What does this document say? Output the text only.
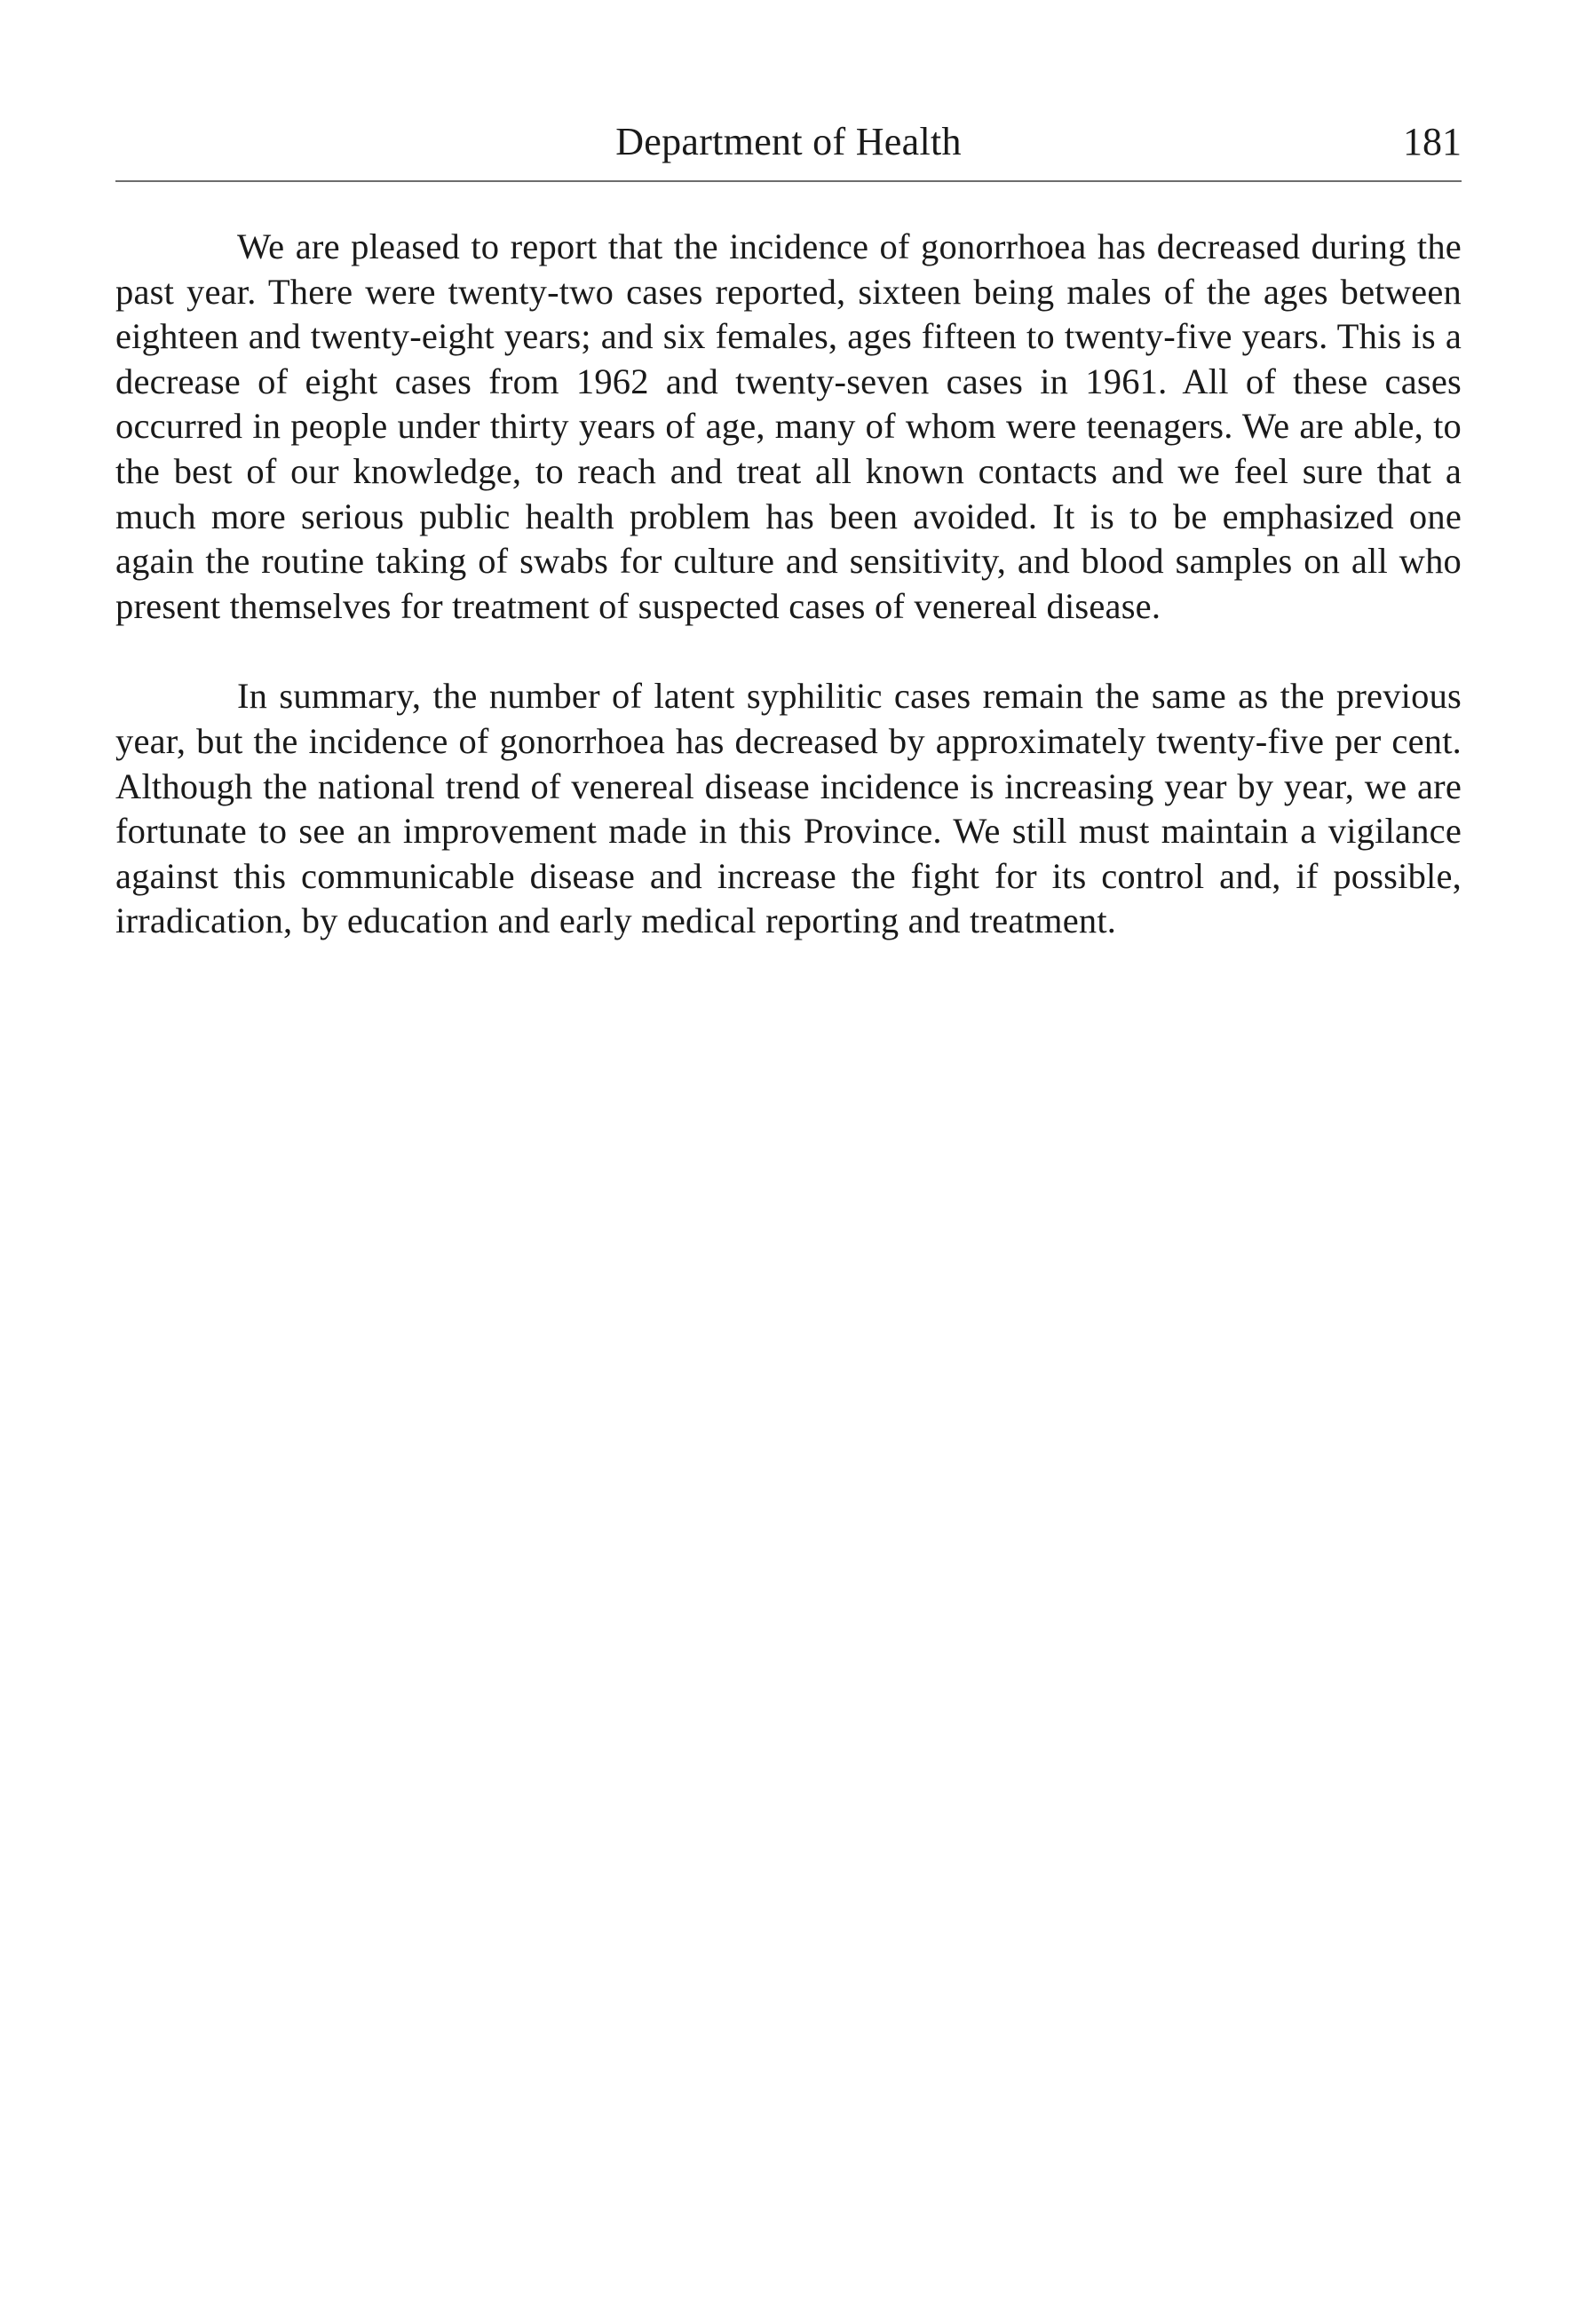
Department of Health	181

We are pleased to report that the incidence of gonorrhoea has decreased during the past year. There were twenty-two cases reported, sixteen being males of the ages between eighteen and twenty-eight years; and six females, ages fifteen to twenty-five years. This is a decrease of eight cases from 1962 and twenty-seven cases in 1961. All of these cases occurred in people under thirty years of age, many of whom were teenagers. We are able, to the best of our knowledge, to reach and treat all known contacts and we feel sure that a much more serious public health problem has been avoided. It is to be emphasized one again the routine taking of swabs for culture and sensitivity, and blood samples on all who present themselves for treatment of suspected cases of venereal disease.

In summary, the number of latent syphilitic cases remain the same as the previous year, but the incidence of gonorrhoea has decreased by approximately twenty-five per cent. Although the national trend of venereal disease incidence is increasing year by year, we are fortunate to see an improvement made in this Province. We still must maintain a vigilance against this communicable disease and increase the fight for its control and, if possible, irradication, by education and early medical reporting and treatment.
